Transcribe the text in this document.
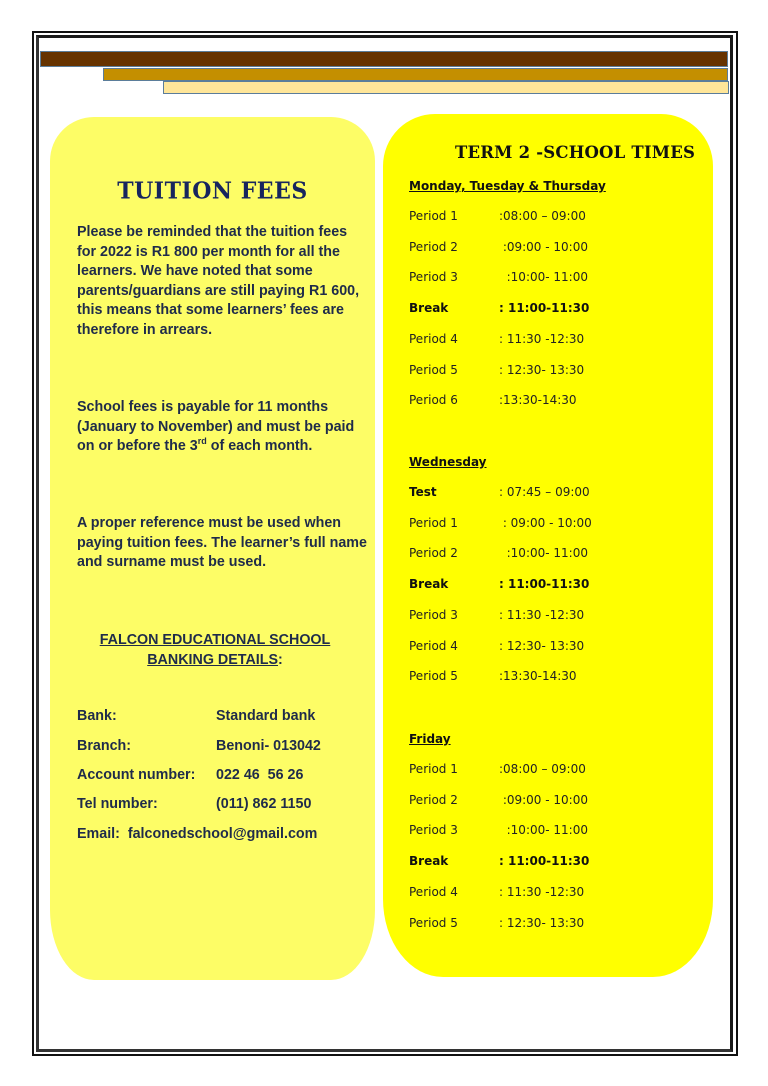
TUITION FEES
Please be reminded that the tuition fees for 2022 is R1 800 per month for all the learners. We have noted that some parents/guardians are still paying R1 600, this means that some learners’ fees are therefore in arrears.
School fees is payable for 11 months (January to November) and must be paid on or before the 3rd of each month.
A proper reference must be used when paying tuition fees. The learner’s full name and surname must be used.
FALCON EDUCATIONAL SCHOOL
BANKING DETAILS:
Bank:	Standard bank
Branch:	Benoni- 013042
Account number: 022 46  56 26
Tel number:	(011) 862 1150
Email:  falconedschool@gmail.com
TERM 2 -SCHOOL TIMES
Monday, Tuesday & Thursday
Period 1	:08:00 – 09:00
Period 2	:09:00 - 10:00
Period 3	:10:00- 11:00
Break	: 11:00-11:30
Period 4	: 11:30 -12:30
Period 5	: 12:30- 13:30
Period 6	:13:30-14:30
Wednesday
Test	: 07:45 – 09:00
Period 1	: 09:00 - 10:00
Period 2	:10:00- 11:00
Break	: 11:00-11:30
Period 3	: 11:30 -12:30
Period 4	: 12:30- 13:30
Period 5	:13:30-14:30
Friday
Period 1	:08:00 – 09:00
Period 2	:09:00 - 10:00
Period 3	:10:00- 11:00
Break	: 11:00-11:30
Period 4	: 11:30 -12:30
Period 5	: 12:30- 13:30
